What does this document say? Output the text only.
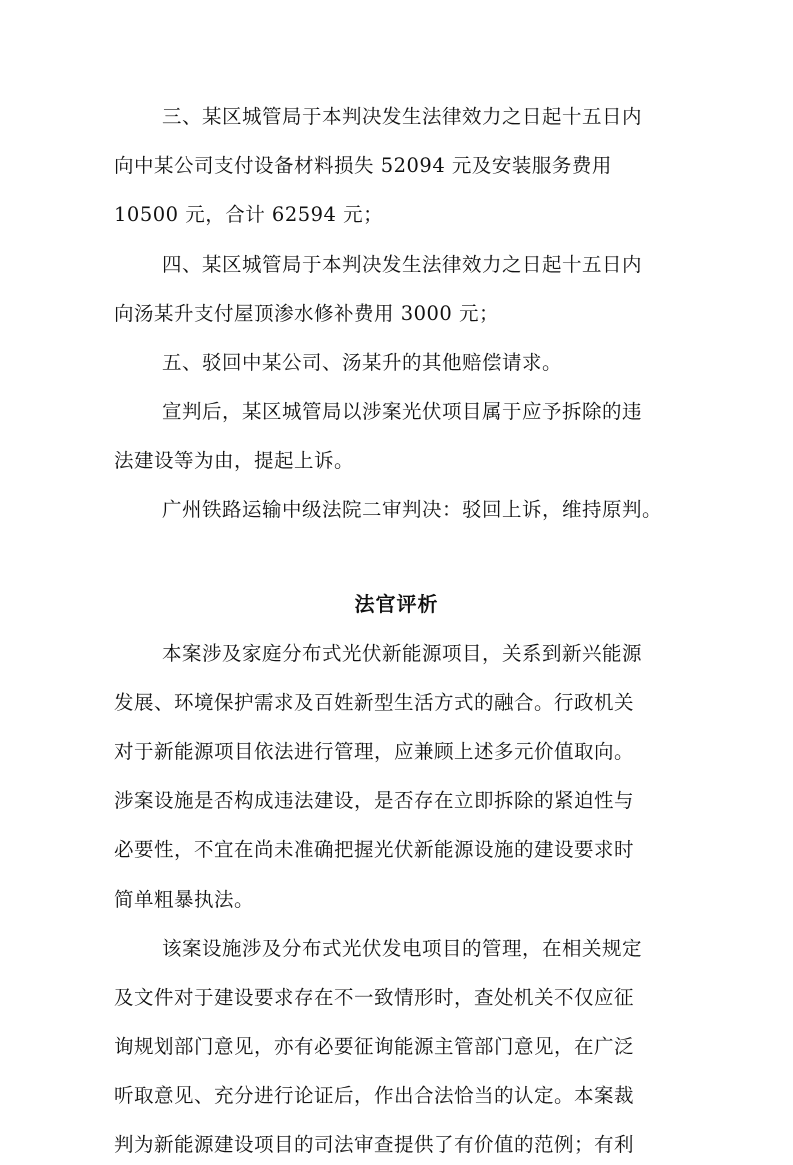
三、某区城管局于本判决发生法律效力之日起十五日内
向中某公司支付设备材料损失 52094 元及安装服务费用
10500 元，合计 62594 元；
四、某区城管局于本判决发生法律效力之日起十五日内
向汤某升支付屋顶渗水修补费用 3000 元；
五、驳回中某公司、汤某升的其他赔偿请求。
宣判后，某区城管局以涉案光伏项目属于应予拆除的违
法建设等为由，提起上诉。
广州铁路运输中级法院二审判决：驳回上诉，维持原判。
法官评析
本案涉及家庭分布式光伏新能源项目，关系到新兴能源
发展、环境保护需求及百姓新型生活方式的融合。行政机关
对于新能源项目依法进行管理，应兼顾上述多元价值取向。
涉案设施是否构成违法建设，是否存在立即拆除的紧迫性与
必要性，不宜在尚未准确把握光伏新能源设施的建设要求时
简单粗暴执法。
该案设施涉及分布式光伏发电项目的管理，在相关规定
及文件对于建设要求存在不一致情形时，查处机关不仅应征
询规划部门意见，亦有必要征询能源主管部门意见，在广泛
听取意见、充分进行论证后，作出合法恰当的认定。本案裁
判为新能源建设项目的司法审查提供了有价值的范例；有利
